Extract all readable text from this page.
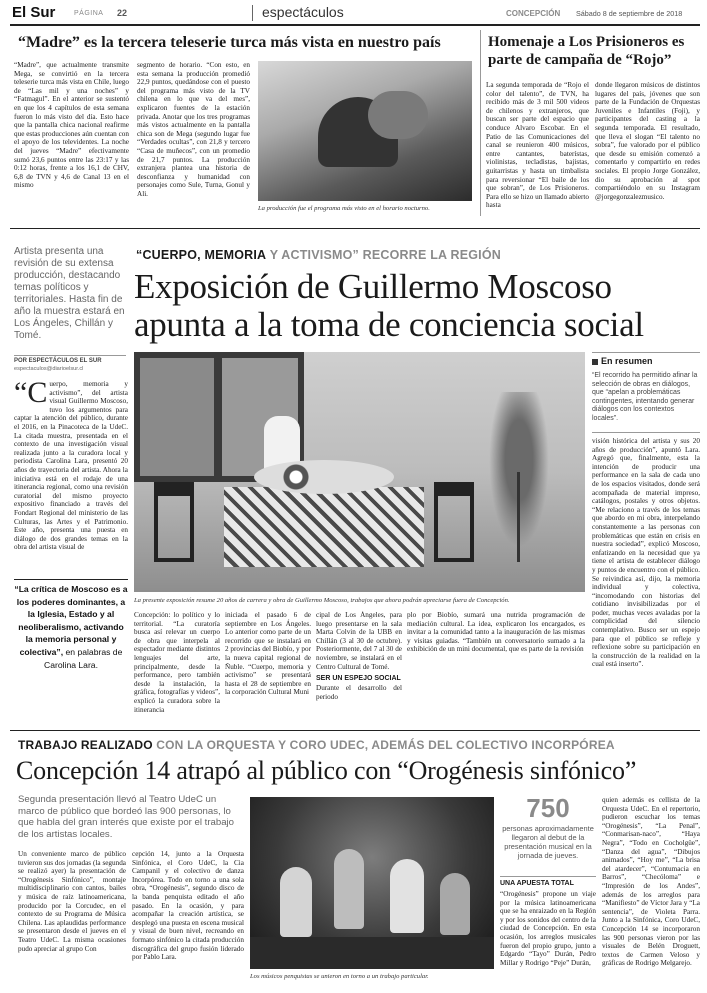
El Sur	PÁGINA 22	espectáculos	CONCEPCIÓN Sábado 8 de septiembre de 2018
“Madre” es la tercera teleserie turca más vista en nuestro país
“Madre”, que actualmente transmite Mega, se convirtió en la tercera teleserie turca más vista en Chile, luego de “Las mil y una noches” y “Fatmagul”. En el anterior se sustentó en que los 4 capítulos de esta semana fueron lo más visto del día. Esto hace que la pantalla chica nacional reafirme que estas producciones aún cuentan con el apoyo de los televidentes. La noche del jueves “Madre” efectivamente sumó 23,6 puntos entre las 23:17 y las 0:12 horas, frente a los 16,1 de CHV, 6,8 de TVN y 4,6 de Canal 13 en el mismo
segmento de horario. “Con esto, en esta semana la producción promedió 22,9 puntos, quedándose con el puesto del programa más visto de la TV chilena en lo que va del mes”, explicaron fuentes de la estación privada. Anotar que los tres programas más vistos actualmente en la pantalla chica son de Mega (segundo lugar fue “Verdades ocultas”, con 21,8 y tercero “Casa de muñecos”, con un promedio de 21,7 puntos. La producción extranjera plantea una historia de desconfianza y humanidad con personajes como Sule, Turna, Gonul y Ali.
La producción fue el programa más visto en el horario nocturno.
Homenaje a Los Prisioneros es parte de campaña de “Rojo”
La segunda temporada de “Rojo el color del talento”, de TVN, ha recibido más de 3 mil 500 videos de chilenos y extranjeros, que buscan ser parte del espacio que conduce Alvaro Escobar. En el Patio de las Comunicaciones del canal se reunieron 400 músicos, entre cantantes, baterístas, violinistas, tecladistas, bajistas, guitarristas y hasta un timbalista para reversionar “El baile de los que sobran”, de Los Prisioneros. Para ello se hizo un llamado abierto hasta
donde llegaron músicos de distintos lugares del país, jóvenes que son parte de la Fundación de Orquestas Juveniles e Infantiles (Foji), y participantes del casting a la segunda temporada. El resultado, que lleva el slogan “El talento no sobra”, fue valorado por el público que desde su emisión comenzó a comentarlo y compartirlo en redes sociales. El propio Jorge González, dio su aprobación al spot compartiéndolo en su Instagram @jorgegonzalezmusico.
Artista presenta una revisión de su extensa producción, destacando temas políticos y territoriales. Hasta fin de año la muestra estará en Los Ángeles, Chillán y Tomé.
POR ESPECTÁCULOS EL SUR
espectaculos@diarioelsur.cl
“CUERPO, MEMORIA Y ACTIVISMO” RECORRE LA REGIÓN
Exposición de Guillermo Moscoso
apunta a la toma de conciencia social
“C uerpo, memoria y activismo”, del artista visual Guillermo Moscoso, tuvo los argumentos para captar la atención del público, durante el 2016, en la Pinacoteca de la UdeC. La citada muestra, presentada en el contexto de una investigación visual realizada junto a la curadora local y periodista Carolina Lara, presentó 20 años de trayectoria del artista. Ahora la iniciativa está en el rodaje de una itinerancia regional, como una revisión curatorial del mismo proyecto expositivo financiado a través del Fondart Regional del ministerio de las Culturas, las Artes y el Patrimonio. Este año, presenta una puesta en diálogo de dos grandes temas en la obra del artista visual de
“La crítica de Moscoso es a los poderes dominantes, a la Iglesia, Estado y al neoliberalismo, activando la memoria personal y colectiva”, en palabras de Carolina Lara.
La presente exposición resume 20 años de carrera y obra de Guillermo Moscoso, trabajos que ahora podrán apreciarse fuera de Concepción.
En resumen
“El recorrido ha permitido afinar la selección de obras en diálogos, que “apelan a problemáticas contingentes, intentando generar diálogos con los contextos locales”.
visión histórica del artista y sus 20 años de producción”, apuntó Lara. Agregó que, finalmente, esta la intención de producir una performance en la sala de cada uno de los espacios visitados, donde será acompañada de material impreso, catálogos, postales y otros objetos. “Me relaciono a través de los temas que abordo en mi obra, interpelando constantemente a las personas con problemáticas que están en crisis en nuestra sociedad”, explicó Moscoso, enfatizando en la necesidad que ya tiene el artista de establecer diálogo y puntos de encuentro con el público. Se reivindica así, dijo, la memoria individual y colectiva, “incomodando con historias del cotidiano invisibilizadas por el poder, muchas veces avaladas por la complicidad del silencio contemplativo. Busco ser un espejo para que el público se refleje y reflexione sobre su participación en la construcción de la realidad en la cual está inserto”.
Concepción: lo político y lo territorial. “La curatoría busca así relevar un cuerpo de obra que interpela al espectador mediante distintos lenguajes del arte, principalmente, desde la performance, pero también desde la instalación, la gráfica, fotografías y videos”, explicó la curadora sobre la itinerancia
iniciada el pasado 6 de septiembre en Los Ángeles. Lo anterior como parte de un recorrido que se instalará en 2 provincias del Biobío, y por la nueva capital regional de Ñuble. “Cuerpo, memoria y activismo” se presentará hasta el 28 de septiembre en la corporación Cultural Muni
cipal de Los Ángeles, para luego presentarse en la sala Marta Colvin de la UBB en Chillán (3 al 30 de octubre). Posteriormente, del 7 al 30 de noviembre, se instalará en el Centro Cultural de Tomé.
SER UN ESPEJO SOCIAL
Durante el desarrollo del periodo
plo por Biobío, sumará una nutrida programación de mediación cultural. La idea, explicaron los encargados, es invitar a la comunidad tanto a la inauguración de las mismas y visitas guiadas. “También un conversatorio sumado a la exhibición de un mini documental, que es parte de la revisión
TRABAJO REALIZADO CON LA ORQUESTA Y CORO UDEC, ADEMÁS DEL COLECTIVO INCORPÓREA
Concepción 14 atrapó al público con “Orogénesis sinfónico”
Segunda presentación llevó al Teatro UdeC un marco de público que bordeó las 900 personas, lo que habla del gran interés que existe por el trabajo de los artistas locales.
Un conveniente marco de público tuvieron sus dos jornadas (la segunda se realizó ayer) la presentación de “Orogénesis Sinfónico”, montaje multidisciplinario con cantos, bailes y música de raíz latinoamericana, producido por la Corcudec, en el contexto de su Programa de Música Chilena. Las aplaudidas performance se presentaron desde el jueves en el Teatro UdeC. La misma ocasiones pudo apreciar al grupo Con
cepción 14, junto a la Orquesta Sinfónica, el Coro UdeC, la Cia Campanil y el colectivo de danza Incorpórea. Todo en torno a una sola obra, “Orogénesis”, segundo disco de la banda penquista editado el año pasado. En la ocasión, y para acompañar la creación artística, se desplegó una puesta en escena musical y visual de buen nivel, recreando en formato sinfónico la citada producción discográfica del grupo fusión liderado por Pablo Lara.
Los músicos penquistas se unieron en torno a un trabajo particular.
750
personas aproximadamente llegaron al debut de la presentación musical en la jornada de jueves.
UNA APUESTA TOTAL
“Orogénesis” propone un viaje por la música latinoamericana que se ha enraizado en la Región y por los sonidos del centro de la ciudad de Concepción. En esta ocasión, los arreglos musicales fueron del propio grupo, junto a Edgardo “Tayo” Durán, Pedro Millar y Rodrigo “Peje” Durán,
quien además es cellista de la Orquesta UdeC. En el repertorio, pudieron escuchar los temas “Orogénesis”, “La Penal”, “Conmarisan-naco”, “Haya Negra”, “Todo en Cocholgüe”, “Danza del agua”, “Dibujos animados”, “Hoy me”, “La brisa del atardecer”, “Contumacia en Barros”, “Checóloma” e “Impresión de los Andes”, además de los arreglos para “Manifiesto” de Víctor Jara y “La sentencia”, de Violeta Parra. Junto a la Sinfónica, Coro UdeC, Concepción 14 se incorporaron las 900 personas vieron por las visuales de Belén Droguett, textos de Carmen Veloso y gráficas de Rodrigo Melgarejo.
